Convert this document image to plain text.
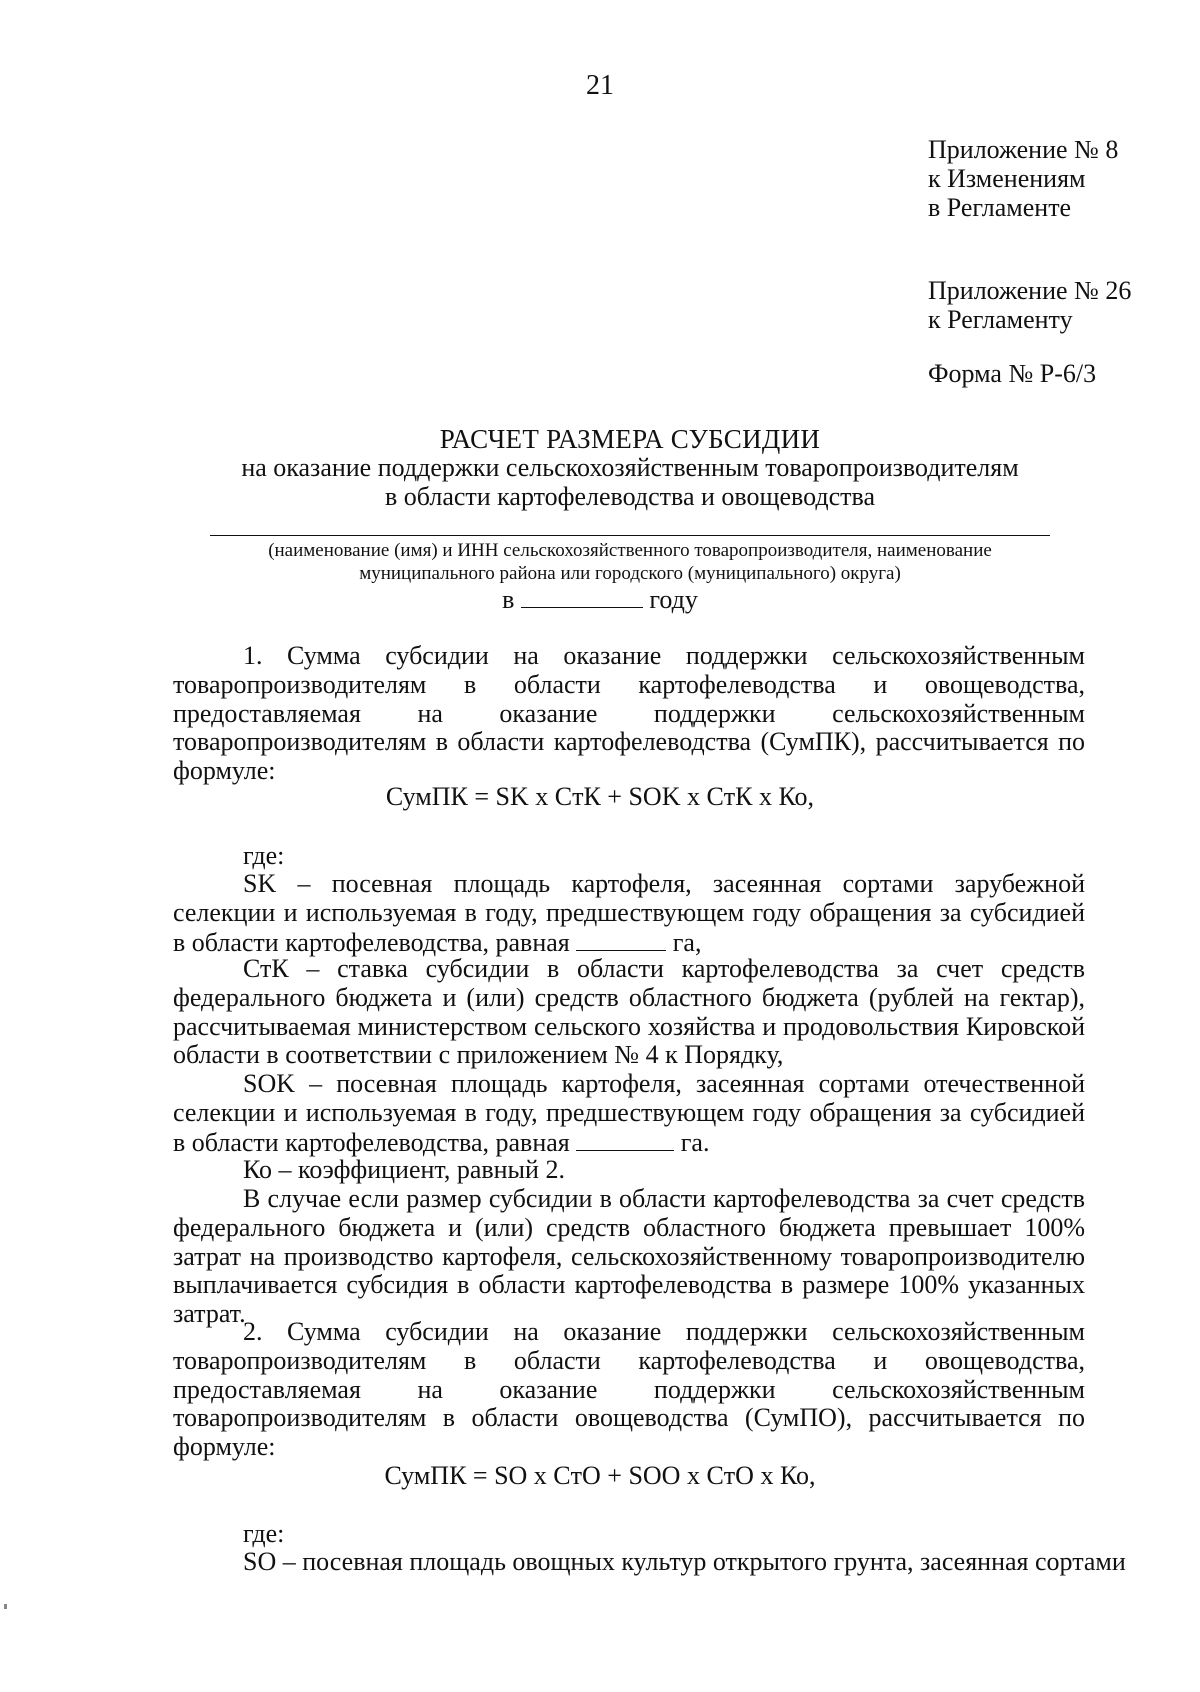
21
Приложение № 8
к Изменениям
в Регламенте
Приложение № 26
к Регламенту
Форма № Р-6/3
РАСЧЕТ РАЗМЕРА СУБСИДИИ
на оказание поддержки сельскохозяйственным товаропроизводителям
в области картофелеводства и овощеводства
(наименование (имя) и ИНН сельскохозяйственного товаропроизводителя, наименование
муниципального района или городского (муниципального) округа)
в	году
1. Сумма субсидии на оказание поддержки сельскохозяйственным товаропроизводителям в области картофелеводства и овощеводства, предоставляемая на оказание поддержки сельскохозяйственным товаропроизводителям в области картофелеводства (СумПК), рассчитывается по формуле:
СумПК = SK x CтК + SOK x CтК x Ко,
где:
SK – посевная площадь картофеля, засеянная сортами зарубежной селекции и используемая в году, предшествующем году обращения за субсидией в области картофелеводства, равная	га,
СтК – ставка субсидии в области картофелеводства за счет средств федерального бюджета и (или) средств областного бюджета (рублей на гектар), рассчитываемая министерством сельского хозяйства и продовольствия Кировской области в соответствии с приложением № 4 к Порядку,
SOK – посевная площадь картофеля, засеянная сортами отечественной селекции и используемая в году, предшествующем году обращения за субсидией в области картофелеводства, равная	га.
Ко – коэффициент, равный 2.
В случае если размер субсидии в области картофелеводства за счет средств федерального бюджета и (или) средств областного бюджета превышает 100% затрат на производство картофеля, сельскохозяйственному товаропроизводителю выплачивается субсидия в области картофелеводства в размере 100% указанных затрат.
2. Сумма субсидии на оказание поддержки сельскохозяйственным товаропроизводителям в области картофелеводства и овощеводства, предоставляемая на оказание поддержки сельскохозяйственным товаропроизводителям в области овощеводства (СумПО), рассчитывается по формуле:
СумПК = SO x CтО + SOO x CтО x Ко,
где:
SO – посевная площадь овощных культур открытого грунта, засеянная сортами
